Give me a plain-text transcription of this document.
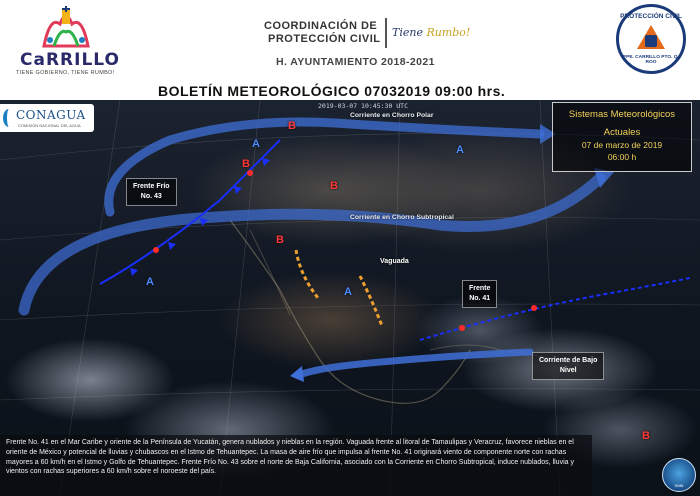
CaRRILLO
TIENE GOBIERNO, TIENE RUMBO!
COORDINACIÓN DE
PROTECCIÓN CIVIL Tiene Rumbo!
H. AYUNTAMIENTO 2018-2021
PROTECCIÓN CIVIL
FPE. CARRILLO PTO. Q. ROO
BOLETÍN METEOROLÓGICO 07032019 09:00 hrs.
CONAGUA
COMISIÓN NACIONAL DEL AGUA
2019-03-07 10:45:30 UTC
Sistemas Meteorológicos
Actuales
07 de marzo de 2019
06:00 h
Corriente en Chorro Polar
Corriente en Chorro Subtropical
Frente Frío
No. 43
Frente
No. 41
Corriente de Bajo
Nivel
Vaguada
B
A
B
B
A
B
A
A
B
Frente No. 41 en el Mar Caribe y oriente de la Península de Yucatán, genera nublados y nieblas en la región. Vaguada frente al litoral de Tamaulipas y Veracruz, favorece nieblas en el oriente de México y potencial de lluvias y chubascos en el Istmo de Tehuantepec. La masa de aire frío que impulsa al frente No. 41 originará viento de componente norte con rachas mayores a 60 km/h en el Istmo y Golfo de Tehuantepec. Frente Frío No. 43 sobre el norte de Baja California, asociado con la Corriente en Chorro Subtropical, induce nublados, lluvia y vientos con rachas superiores a 60 km/h sobre el noroeste del país.
SMN
